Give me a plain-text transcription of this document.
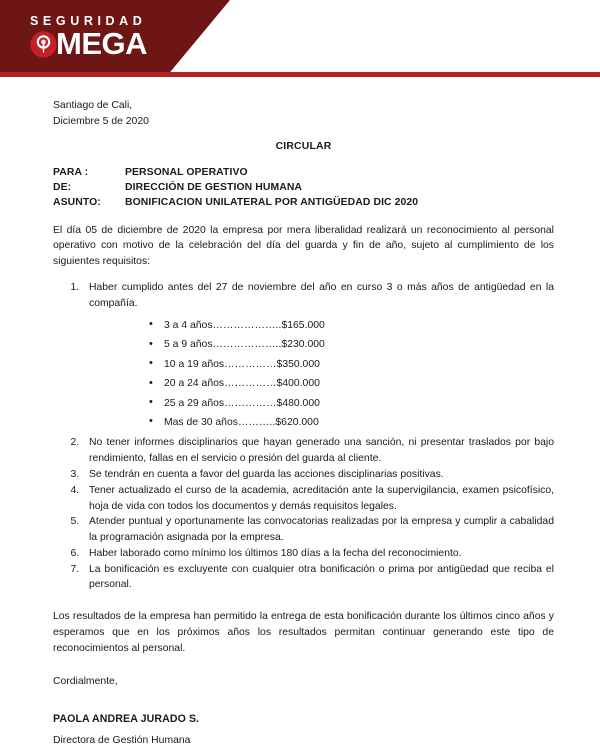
SEGURIDAD
MEGA
Santiago de Cali,
Diciembre 5 de 2020
CIRCULAR
PARA :	PERSONAL OPERATIVO
DE:	DIRECCIÓN DE GESTION HUMANA
ASUNTO:	BONIFICACION UNILATERAL POR ANTIGÜEDAD DIC 2020

El día 05 de diciembre de 2020 la empresa por mera liberalidad realizará un reconocimiento al personal operativo con motivo de la celebración del día del guarda y fin de año, sujeto al cumplimiento de los siguientes requisitos:

1. Haber cumplido antes del 27 de noviembre del año en curso 3 o más años de antigüedad en la compañía.
• 3 a 4 años………………..$165.000
• 5 a 9 años………………..$230.000
• 10 a 19 años……………$350.000
• 20 a 24 años……………$400.000
• 25 a 29 años……………$480.000
• Mas de 30 años………..$620.000
2. No tener informes disciplinarios que hayan generado una sanción, ni presentar traslados por bajo rendimiento, fallas en el servicio o presión del guarda al cliente.
3. Se tendrán en cuenta a favor del guarda las acciones disciplinarias positivas.
4. Tener actualizado el curso de la academia, acreditación ante la supervigilancia, examen psicofísico, hoja de vida con todos los documentos y demás requisitos legales.
5. Atender puntual y oportunamente las convocatorias realizadas por la empresa y cumplir a cabalidad la programación asignada por la empresa.
6. Haber laborado como mínimo los últimos 180 días a la fecha del reconocimiento.
7. La bonificación es excluyente con cualquier otra bonificación o prima por antigüedad que reciba el personal.

Los resultados de la empresa han permitido la entrega de esta bonificación durante los últimos cinco años y esperamos que en los próximos años los resultados permitan continuar generando este tipo de reconocimientos al personal.

Cordialmente,
PAOLA ANDREA JURADO S.
Directora de Gestión Humana
